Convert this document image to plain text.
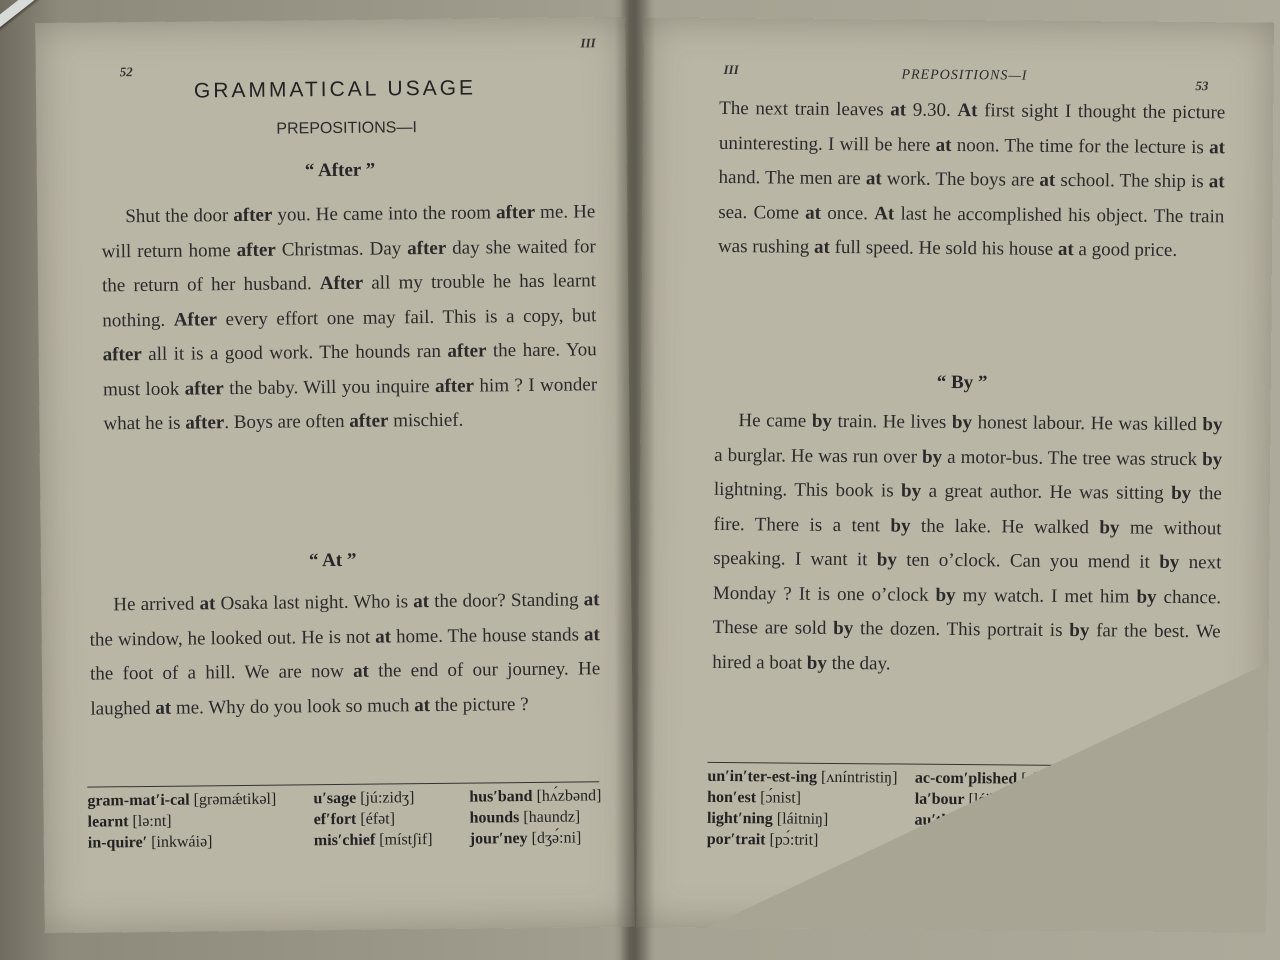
52
III
GRAMMATICAL USAGE
PREPOSITIONS—I
“ After ”

Shut the door after you. He came into the room after me. He will return home after Christmas. Day after day she waited for the return of her husband. After all my trouble he has learnt nothing. After every effort one may fail. This is a copy, but after all it is a good work. The hounds ran after the hare. You must look after the baby. Will you inquire after him ? I wonder what he is after. Boys are often after mischief.

“ At ”

He arrived at Osaka last night. Who is at the door? Standing at the window, he looked out. He is not at home. The house stands at the foot of a hill. We are now at the end of our journey. He laughed at me. Why do you look so much at the picture ?

gram-mat′i-cal [grəmǽtikəl] u′sage [jú:zidʒ]	hus′band [hʌ́zbənd]
learnt [lə:nt]	ef′fort [éfət]	hounds [haundz]
in-quire′ [inkwáiə]	mis′chief [místʃif] jour′ney [dʒə́:ni]
III	PREPOSITIONS—I
53

The next train leaves at 9.30. At first sight I thought the picture uninteresting. I will be here at noon. The time for the lecture is at hand. The men are at work. The boys are at school. The ship is at sea. Come at once. At last he accomplished his object. The train was rushing at full speed. He sold his house at a good price.

“ By ”

He came by train. He lives by honest labour. He was killed by a burglar. He was run over by a motor-bus. The tree was struck by lightning. This book is by a great author. He was sitting by the fire. There is a tent by the lake. He walked by me without speaking. I want it by ten o’clock. Can you mend it by next Monday ? It is one o’clock by my watch. I met him by chance. These are sold by the dozen. This portrait is by far the best. We hired a boat by the day.

un′in′ter-est-ing [ʌníntristiŋ] ac-com′plished [əkɔ́mpliʃt] ob′ject [ɔ́bdʒikt]
hon′est [ɔ́nist]	la′bour [léibə]	bur′glar [bə́:glə]
light′ning [láitniŋ]	au′thor [ɔ́:θə]	doz′en [dʌ́zn]
por′trait [pɔ́:trit]	hired [háiəd]
